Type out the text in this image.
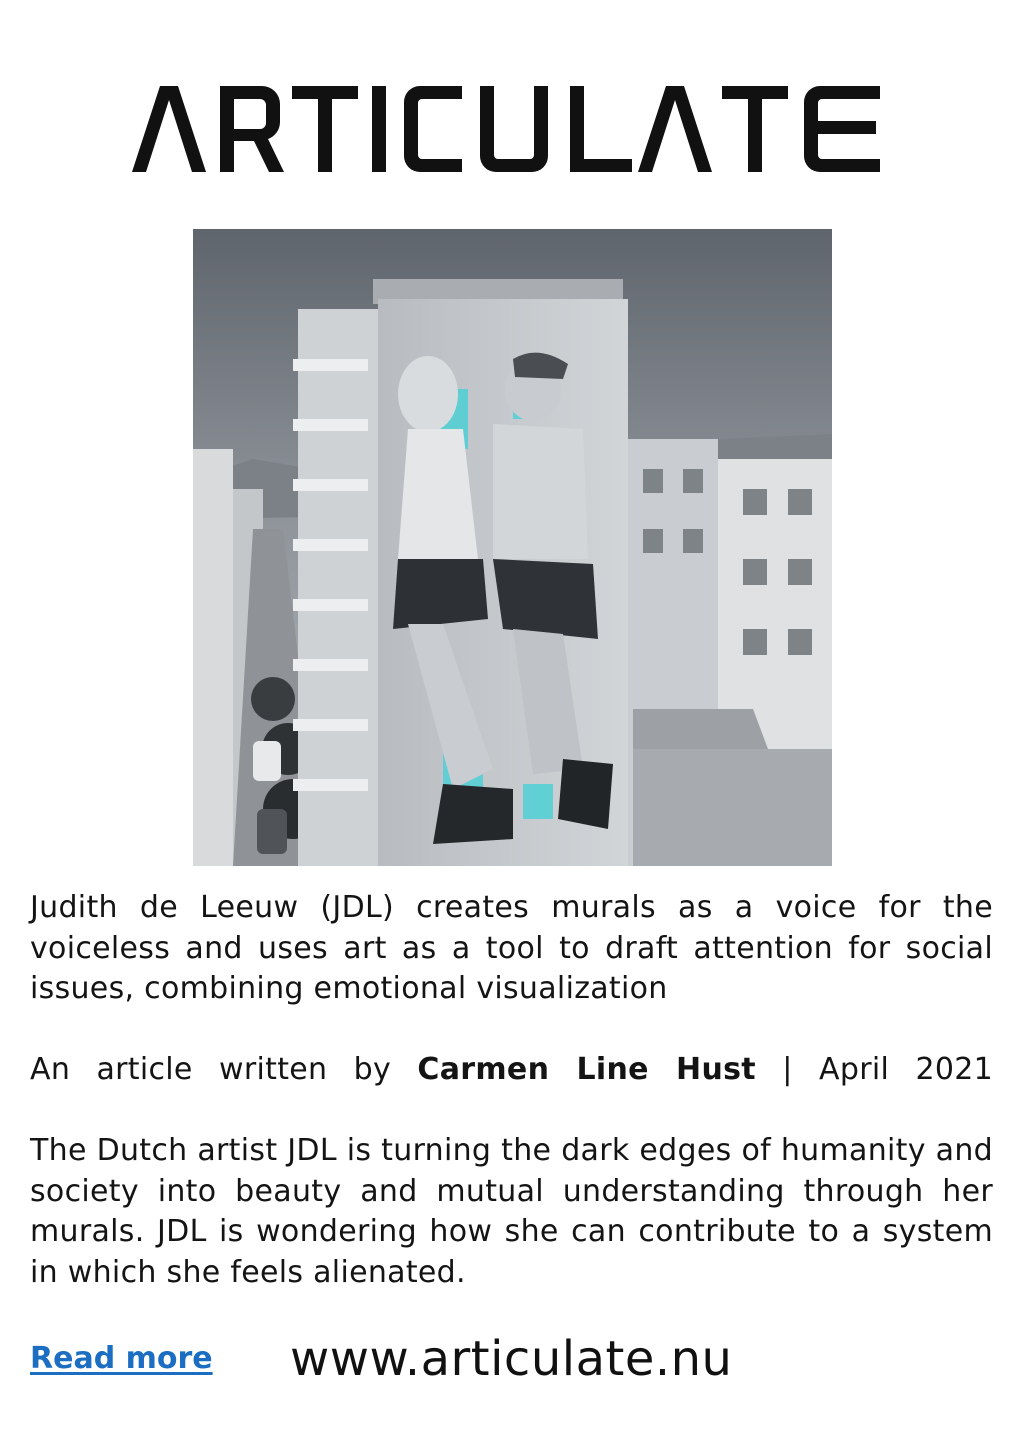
Judith de Leeuw (JDL) creates murals as a voice for the voiceless and uses art as a tool to draft attention for social issues, combining emotional visualization
An article written by Carmen Line Hust | April 2021
The Dutch artist JDL is turning the dark edges of humanity and society into beauty and mutual understanding through her murals. JDL is wondering how she can contribute to a system in which she feels alienated.
Read more www.articulate.nu
